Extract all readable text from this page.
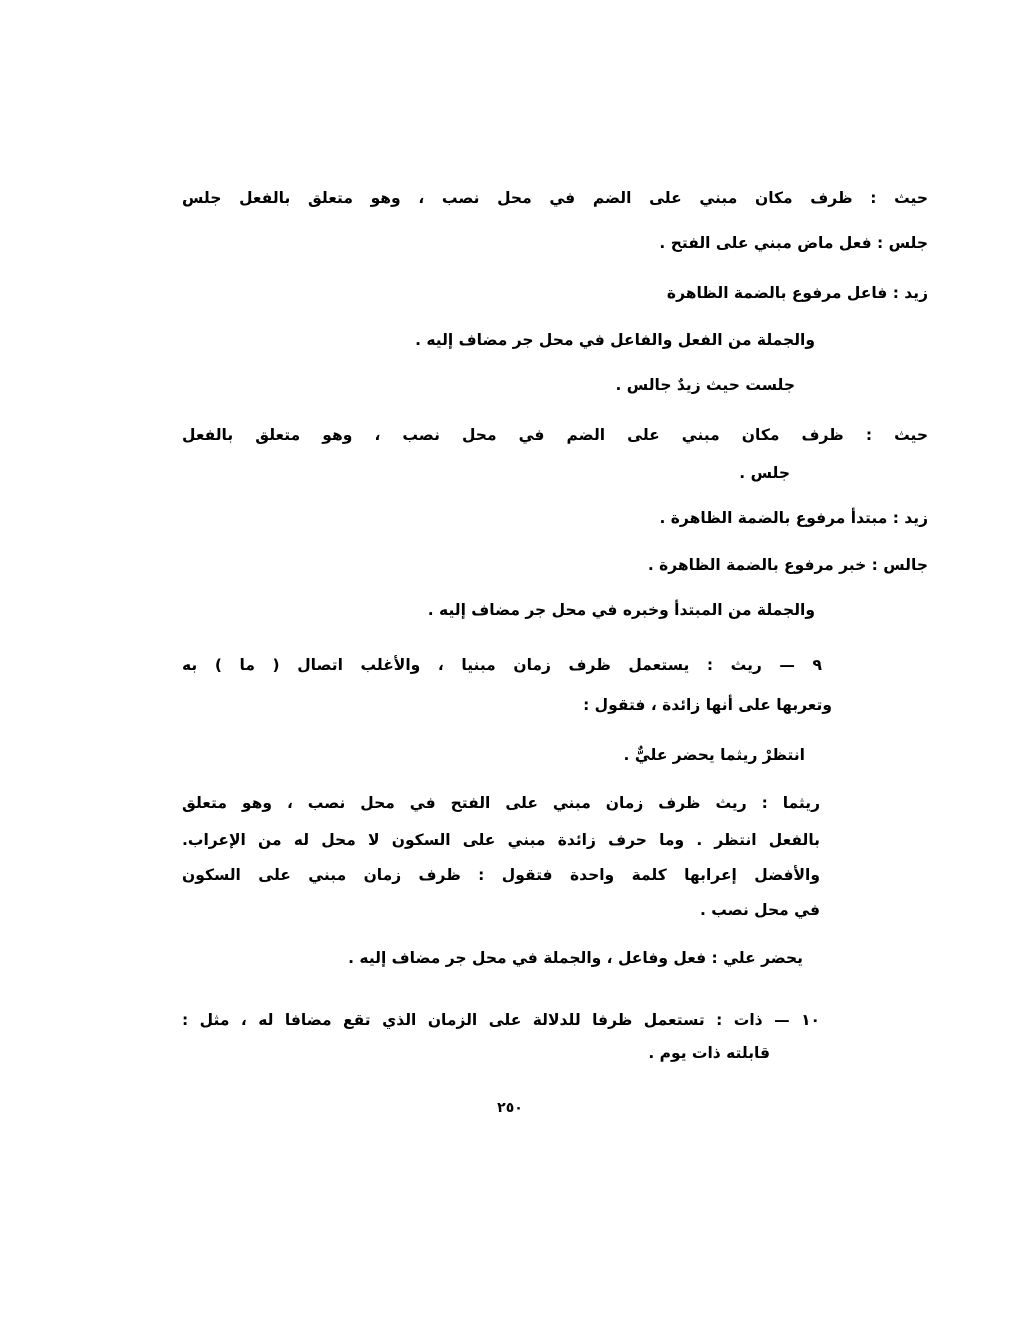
حيث : ظرف مكان مبني على الضم في محل نصب ، وهو متعلق بالفعل جلس
جلس : فعل ماض مبني على الفتح .
زيد : فاعل مرفوع بالضمة الظاهرة
والجملة من الفعل والفاعل في محل جر مضاف إليه .
جلست حيث زيدٌ جالس .
حيث : ظرف مكان مبني على الضم في محل نصب ، وهو متعلق بالفعل
جلس .
زيد : مبتدأ مرفوع بالضمة الظاهرة .
جالس : خبر مرفوع بالضمة الظاهرة .
والجملة من المبتدأ وخبره في محل جر مضاف إليه .
٩ — ريث : يستعمل ظرف زمان مبنيا ، والأغلب اتصال ( ما ) به
وتعربها على أنها زائدة ، فتقول :
انتظرْ ريثما يحضر عليٌّ .
ريثما : ريث ظرف زمان مبني على الفتح في محل نصب ، وهو متعلق
بالفعل انتظر . وما حرف زائدة مبني على السكون لا محل له من الإعراب.
والأفضل إعرابها كلمة واحدة فتقول : ظرف زمان مبني على السكون
في محل نصب .
يحضر علي : فعل وفاعل ، والجملة في محل جر مضاف إليه .
١٠ — ذات : تستعمل ظرفا للدلالة على الزمان الذي تقع مضافا له ، مثل :
قابلته ذات يوم .
٢٥٠
